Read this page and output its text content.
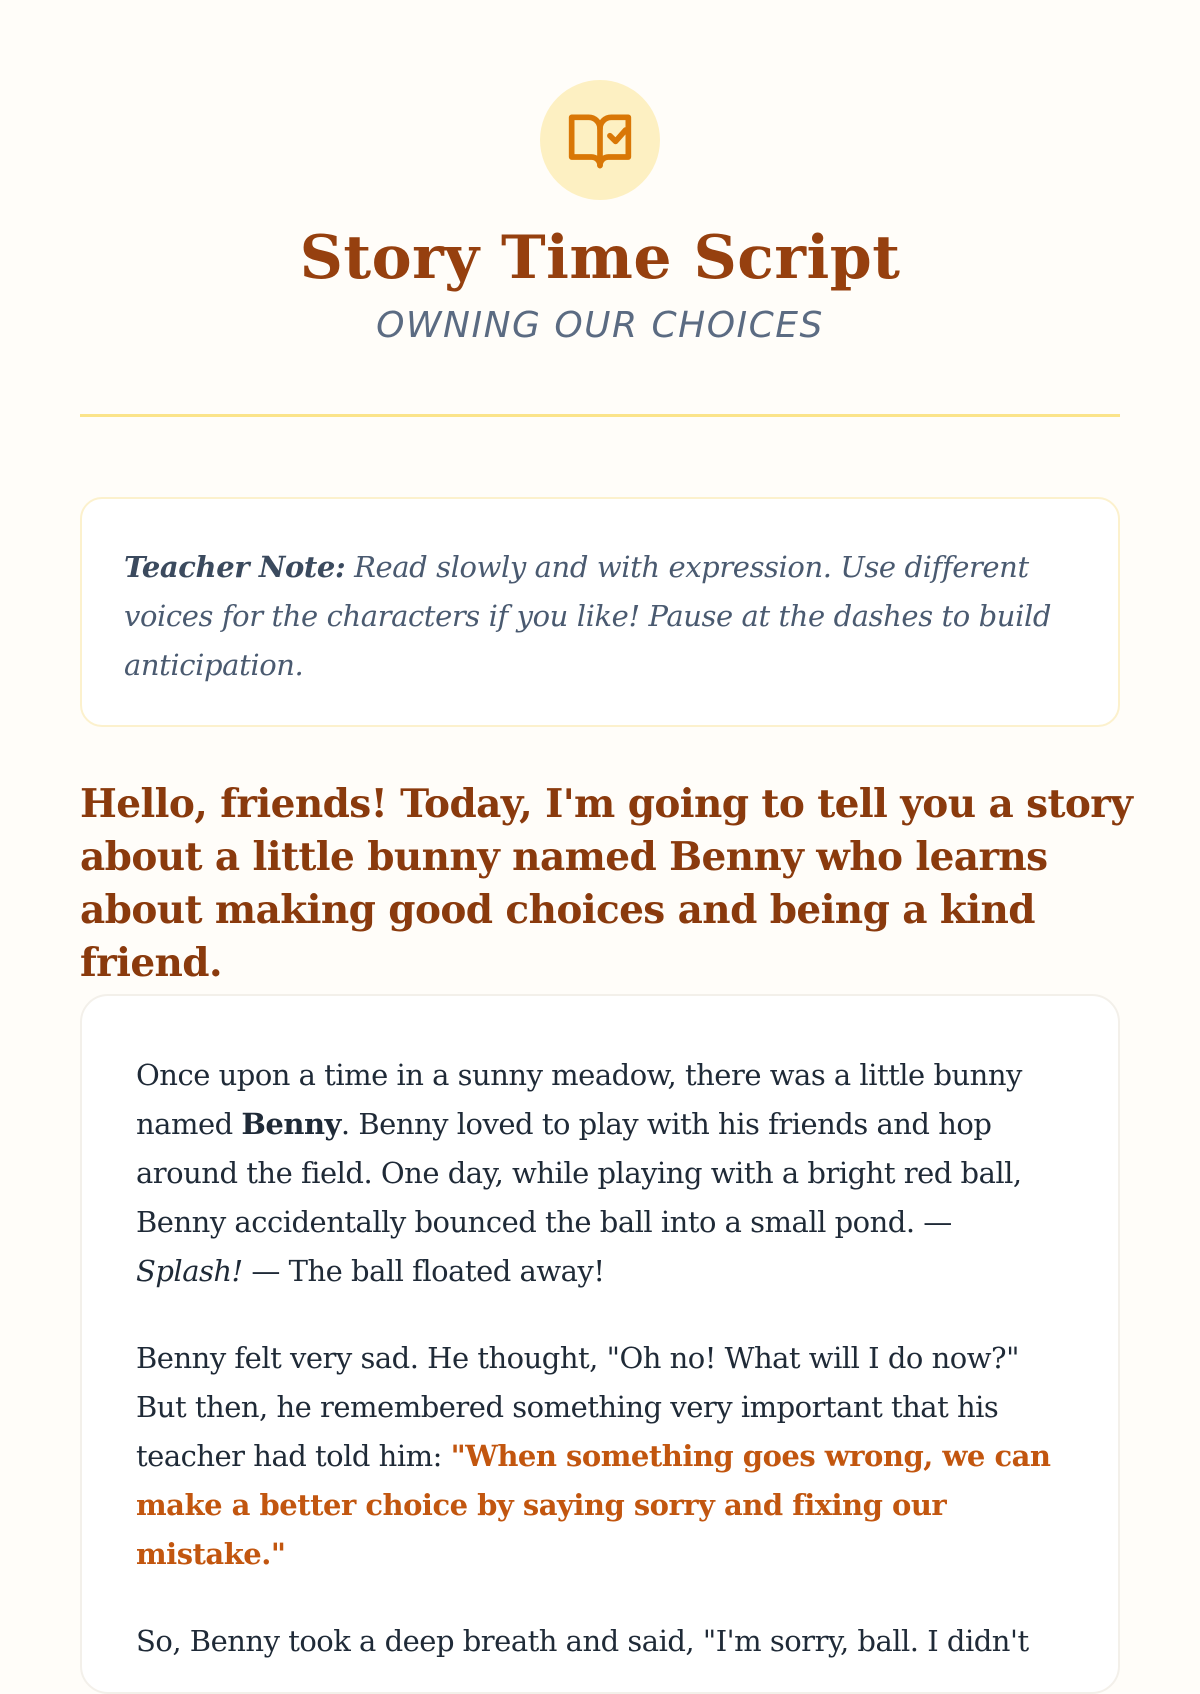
Story Time Script
OWNING OUR CHOICES

Teacher Note: Read slowly and with expression. Use different voices for the characters if you like! Pause at the dashes to build anticipation.

Hello, friends! Today, I'm going to tell you a story about a little bunny named Benny who learns about making good choices and being a kind friend.

Once upon a time in a sunny meadow, there was a little bunny named Benny. Benny loved to play with his friends and hop around the field. One day, while playing with a bright red ball, Benny accidentally bounced the ball into a small pond. — Splash! — The ball floated away!

Benny felt very sad. He thought, "Oh no! What will I do now?" But then, he remembered something very important that his teacher had told him: "When something goes wrong, we can make a better choice by saying sorry and fixing our mistake."

So, Benny took a deep breath and said, "I'm sorry, ball. I didn't
